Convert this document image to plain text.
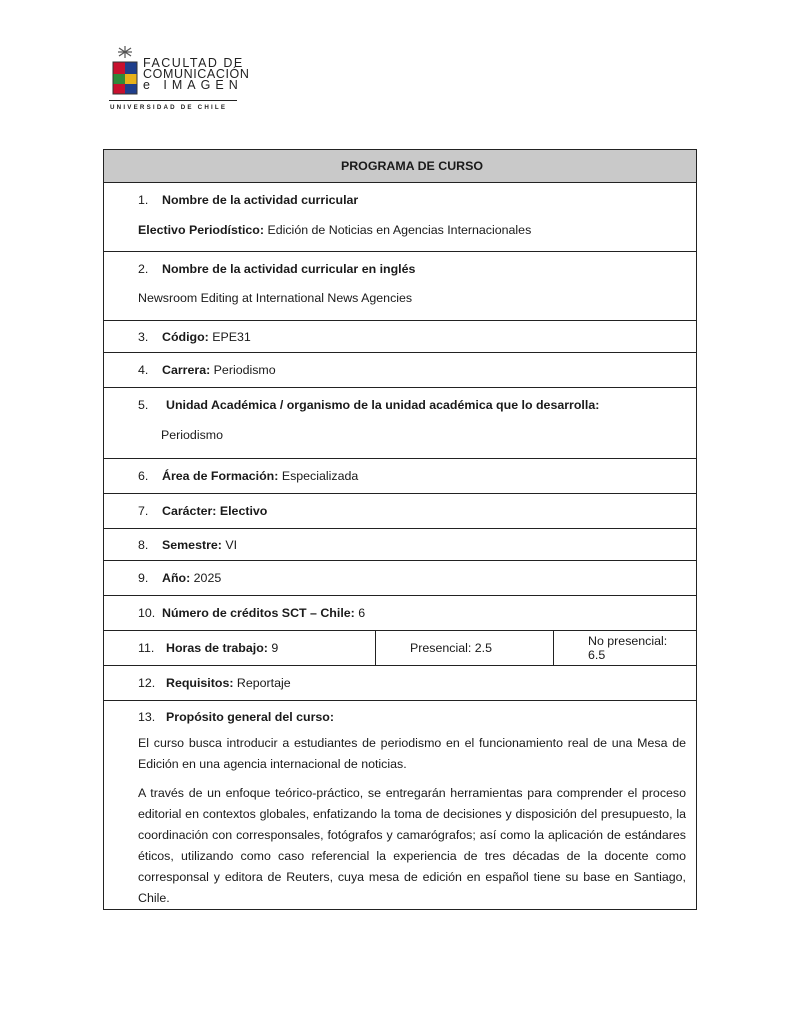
FACULTAD DE
COMUNICACIÓN
e IMAGEN
UNIVERSIDAD DE CHILE
PROGRAMA DE CURSO

1. Nombre de la actividad curricular
Electivo Periodístico: Edición de Noticias en Agencias Internacionales

2. Nombre de la actividad curricular en inglés
Newsroom Editing at International News Agencies

3. Código: EPE31
4. Carrera: Periodismo

5. Unidad Académica / organismo de la unidad académica que lo desarrolla:
Periodismo

6. Área de Formación: Especializada
7. Carácter: Electivo
8. Semestre: VI
9. Año: 2025
10. Número de créditos SCT – Chile: 6
11. Horas de trabajo: 9	Presencial: 2.5	No presencial: 6.5
12. Requisitos: Reportaje
13. Propósito general del curso:

El curso busca introducir a estudiantes de periodismo en el funcionamiento real de una Mesa de Edición en una agencia internacional de noticias.

A través de un enfoque teórico-práctico, se entregarán herramientas para comprender el proceso editorial en contextos globales, enfatizando la toma de decisiones y disposición del presupuesto, la coordinación con corresponsales, fotógrafos y camarógrafos; así como la aplicación de estándares éticos, utilizando como caso referencial la experiencia de tres décadas de la docente como corresponsal y editora de Reuters, cuya mesa de edición en español tiene su base en Santiago, Chile.
